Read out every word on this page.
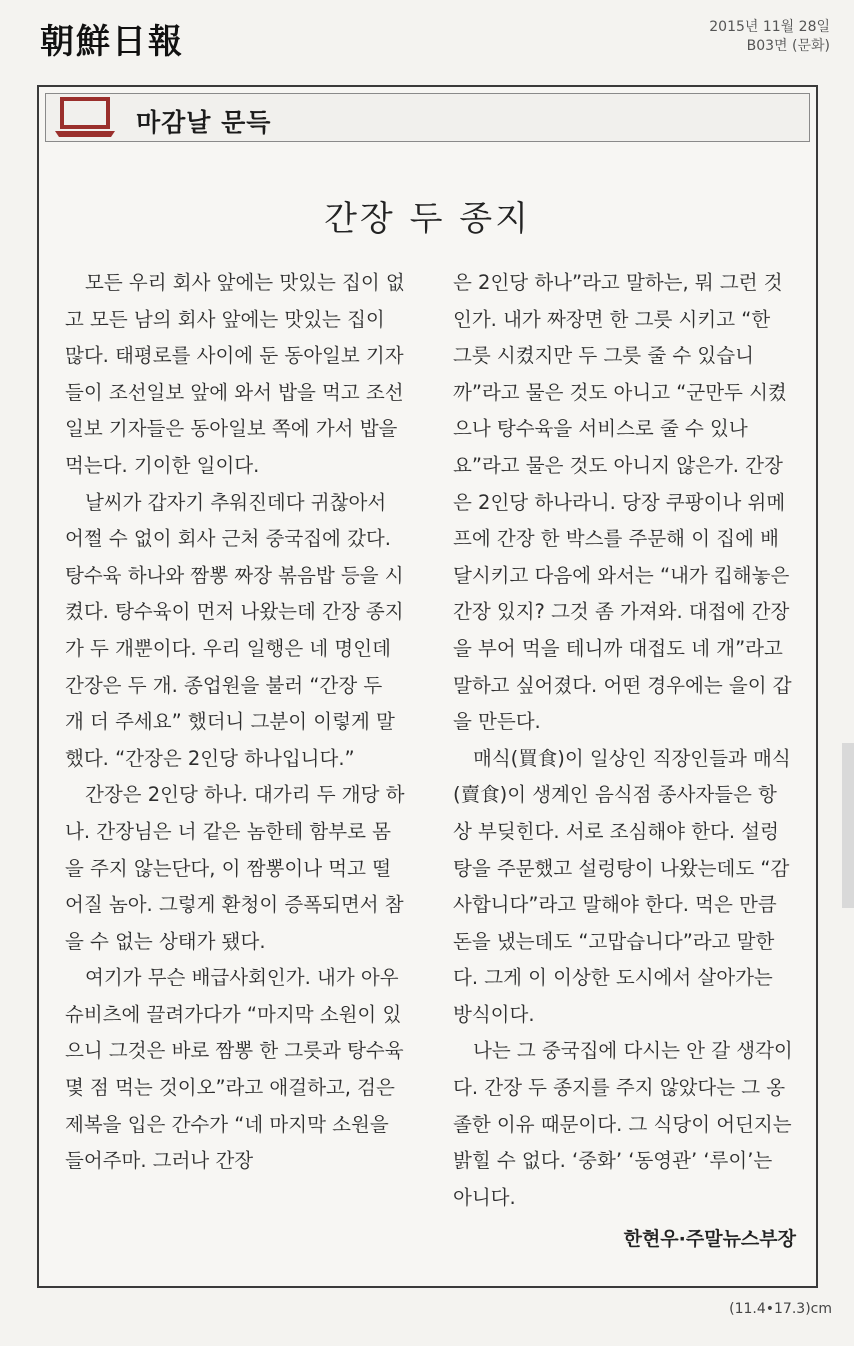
朝鮮日報	2015년 11월 28일
B03면 (문화)
마감날 문득
간장 두 종지

모든 우리 회사 앞에는 맛있는 집이 없고 모든 남의 회사 앞에는 맛있는 집이 많다. 태평로를 사이에 둔 동아일보 기자들이 조선일보 앞에 와서 밥을 먹고 조선일보 기자들은 동아일보 쪽에 가서 밥을 먹는다. 기이한 일이다.

날씨가 갑자기 추워진데다 귀찮아서 어쩔 수 없이 회사 근처 중국집에 갔다. 탕수육 하나와 짬뽕 짜장 볶음밥 등을 시켰다. 탕수육이 먼저 나왔는데 간장 종지가 두 개뿐이다. 우리 일행은 네 명인데 간장은 두 개. 종업원을 불러 “간장 두 개 더 주세요” 했더니 그분이 이렇게 말했다. “간장은 2인당 하나입니다.”

간장은 2인당 하나. 대가리 두 개당 하나. 간장님은 너 같은 놈한테 함부로 몸을 주지 않는단다, 이 짬뽕이나 먹고 떨어질 놈아. 그렇게 환청이 증폭되면서 참을 수 없는 상태가 됐다.

여기가 무슨 배급사회인가. 내가 아우슈비츠에 끌려가다가 “마지막 소원이 있으니 그것은 바로 짬뽕 한 그릇과 탕수육 몇 점 먹는 것이오”라고 애걸하고, 검은 제복을 입은 간수가 “네 마지막 소원을 들어주마. 그러나 간장

은 2인당 하나”라고 말하는, 뭐 그런 것인가. 내가 짜장면 한 그릇 시키고 “한 그릇 시켰지만 두 그릇 줄 수 있습니까”라고 물은 것도 아니고 “군만두 시켰으나 탕수육을 서비스로 줄 수 있나요”라고 물은 것도 아니지 않은가. 간장은 2인당 하나라니. 당장 쿠팡이나 위메프에 간장 한 박스를 주문해 이 집에 배달시키고 다음에 와서는 “내가 킵해놓은 간장 있지? 그것 좀 가져와. 대접에 간장을 부어 먹을 테니까 대접도 네 개”라고 말하고 싶어졌다. 어떤 경우에는 을이 갑을 만든다.

매식(買食)이 일상인 직장인들과 매식(賣食)이 생계인 음식점 종사자들은 항상 부딪힌다. 서로 조심해야 한다. 설렁탕을 주문했고 설렁탕이 나왔는데도 “감사합니다”라고 말해야 한다. 먹은 만큼 돈을 냈는데도 “고맙습니다”라고 말한다. 그게 이 이상한 도시에서 살아가는 방식이다.

나는 그 중국집에 다시는 안 갈 생각이다. 간장 두 종지를 주지 않았다는 그 옹졸한 이유 때문이다. 그 식당이 어딘지는 밝힐 수 없다. ‘중화’ ‘동영관’ ‘루이’는 아니다.

한현우·주말뉴스부장
(11.4•17.3)cm
